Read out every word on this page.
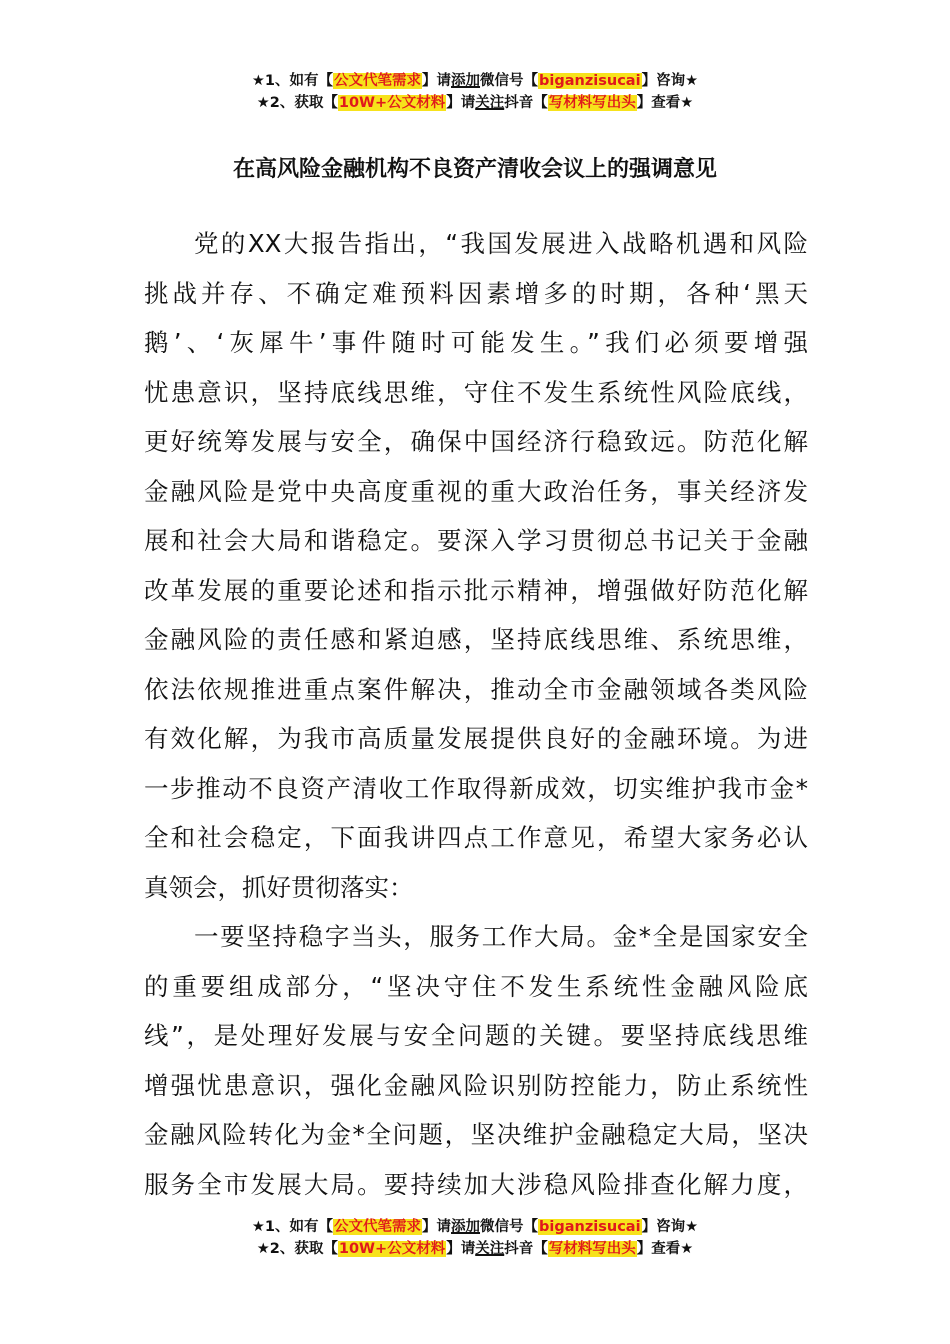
★1、如有【公文代笔需求】请添加微信号【biganzisucai】咨询★
★2、获取【10W+公文材料】请关注抖音【写材料写出头】查看★
在高风险金融机构不良资产清收会议上的强调意见
党的XX大报告指出，“我国发展进入战略机遇和风险
挑战并存、不确定难预料因素增多的时期，各种‘黑天
鹅’、‘灰犀牛’事件随时可能发生。”我们必须要增强
忧患意识，坚持底线思维，守住不发生系统性风险底线，
更好统筹发展与安全，确保中国经济行稳致远。防范化解
金融风险是党中央高度重视的重大政治任务，事关经济发
展和社会大局和谐稳定。要深入学习贯彻总书记关于金融
改革发展的重要论述和指示批示精神，增强做好防范化解
金融风险的责任感和紧迫感，坚持底线思维、系统思维，
依法依规推进重点案件解决，推动全市金融领域各类风险
有效化解，为我市高质量发展提供良好的金融环境。为进
一步推动不良资产清收工作取得新成效，切实维护我市金*
全和社会稳定，下面我讲四点工作意见，希望大家务必认
真领会，抓好贯彻落实：
一要坚持稳字当头，服务工作大局。金*全是国家安全
的重要组成部分，“坚决守住不发生系统性金融风险底
线”，是处理好发展与安全问题的关键。要坚持底线思维
增强忧患意识，强化金融风险识别防控能力，防止系统性
金融风险转化为金*全问题，坚决维护金融稳定大局，坚决
服务全市发展大局。要持续加大涉稳风险排查化解力度，
★1、如有【公文代笔需求】请添加微信号【biganzisucai】咨询★
★2、获取【10W+公文材料】请关注抖音【写材料写出头】查看★
